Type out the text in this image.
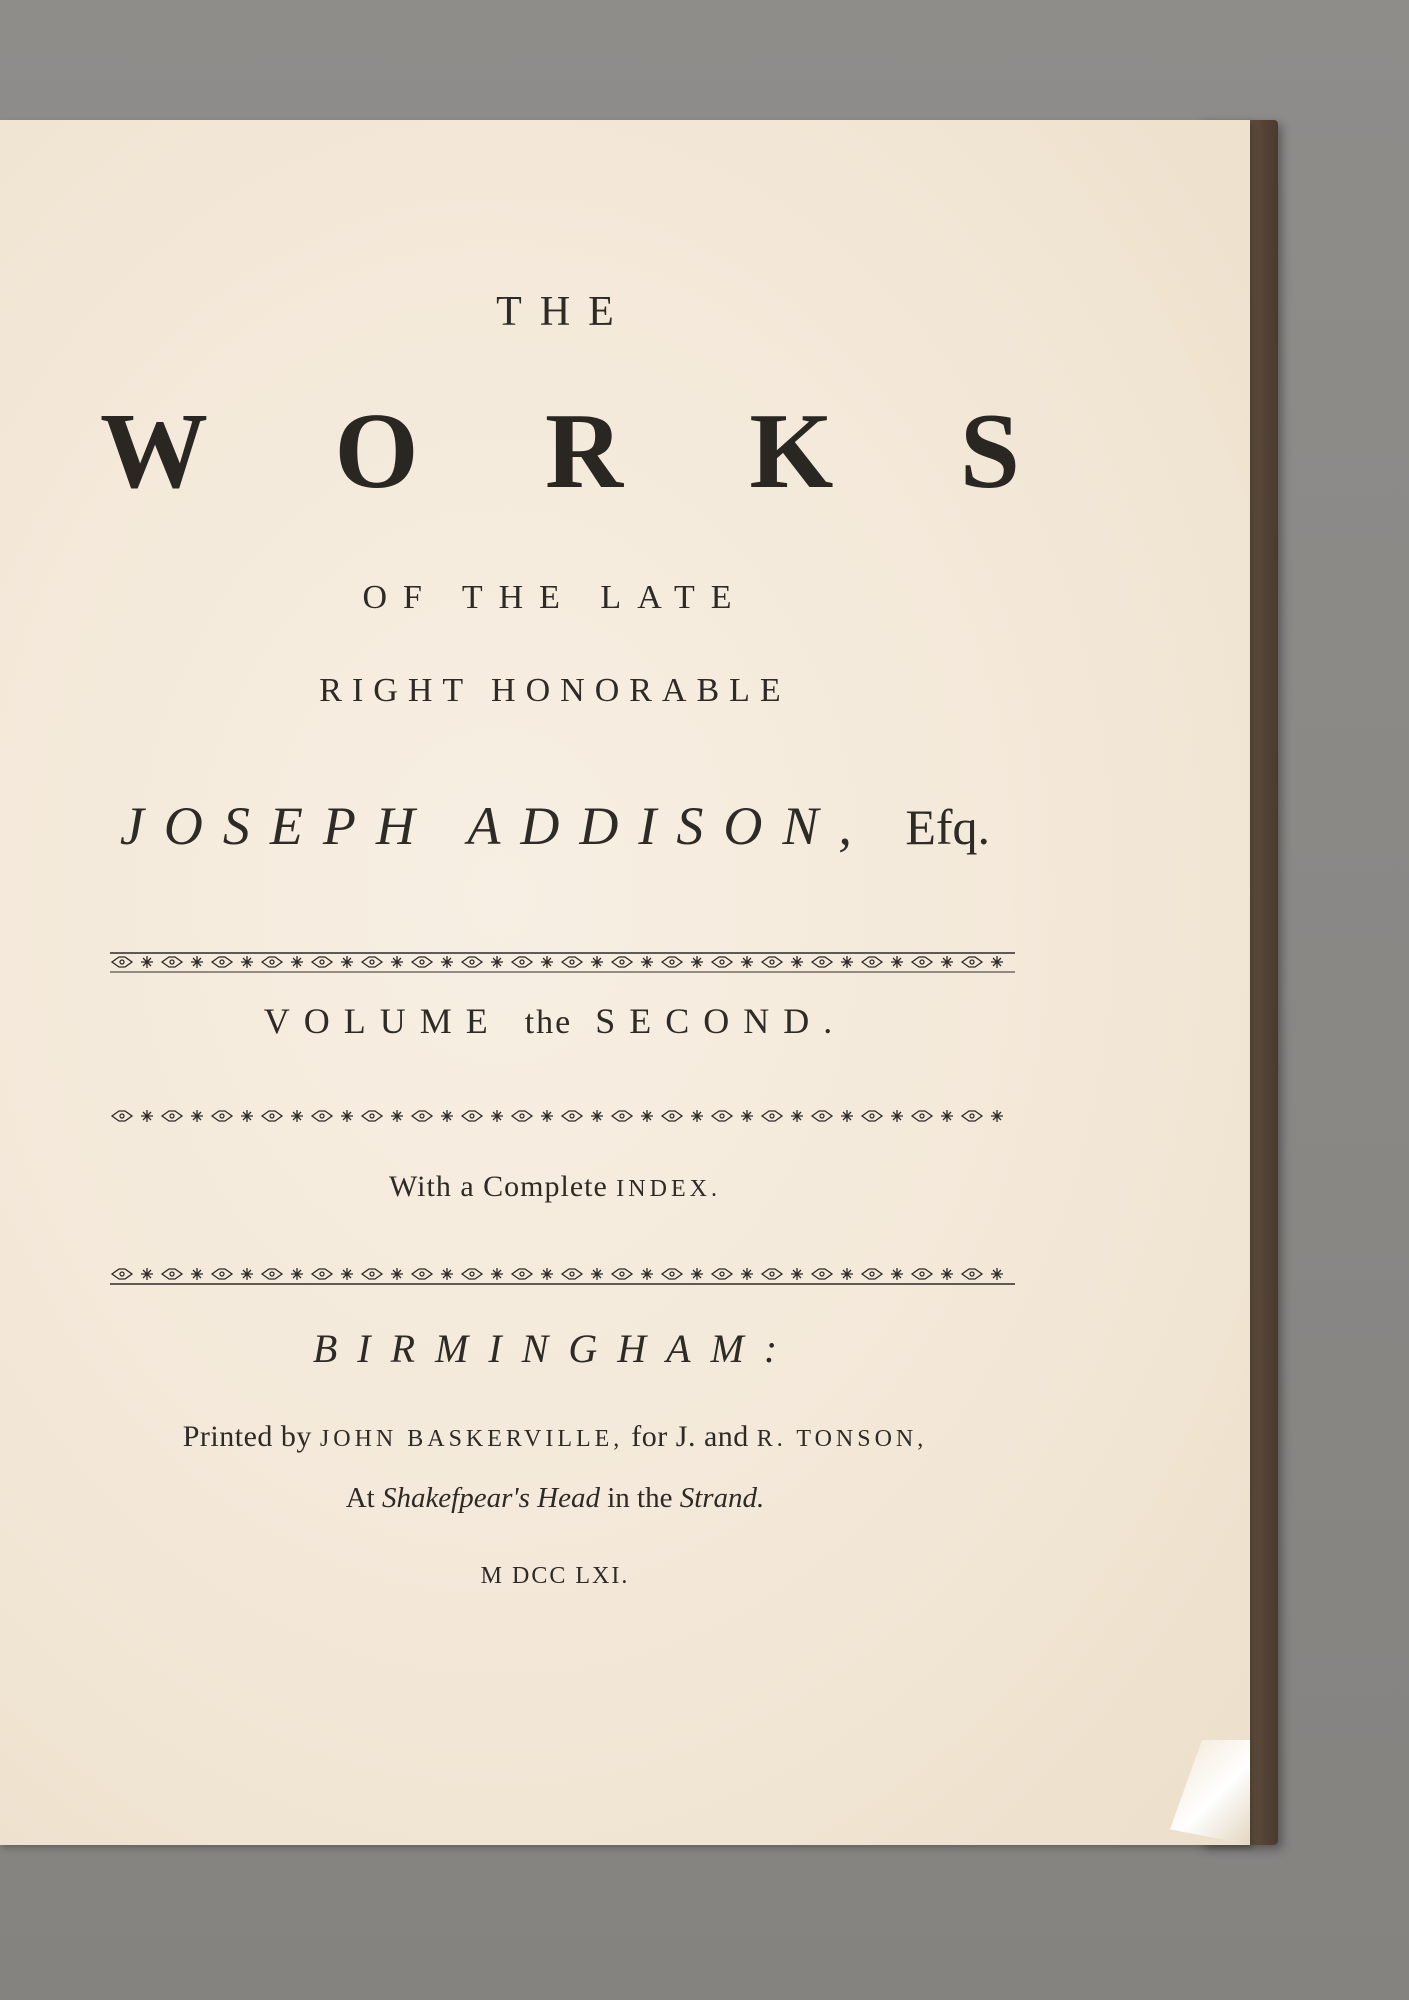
THE
W O R K S
OF THE LATE
RIGHT HONORABLE
JOSEPH ADDISON, Efq.
VOLUME the SECOND.
With a Complete INDEX.
BIRMINGHAM:
Printed by JOHN BASKERVILLE, for J. and R. TONSON,
At Shakefpear's Head in the Strand.
M DCC LXI.
